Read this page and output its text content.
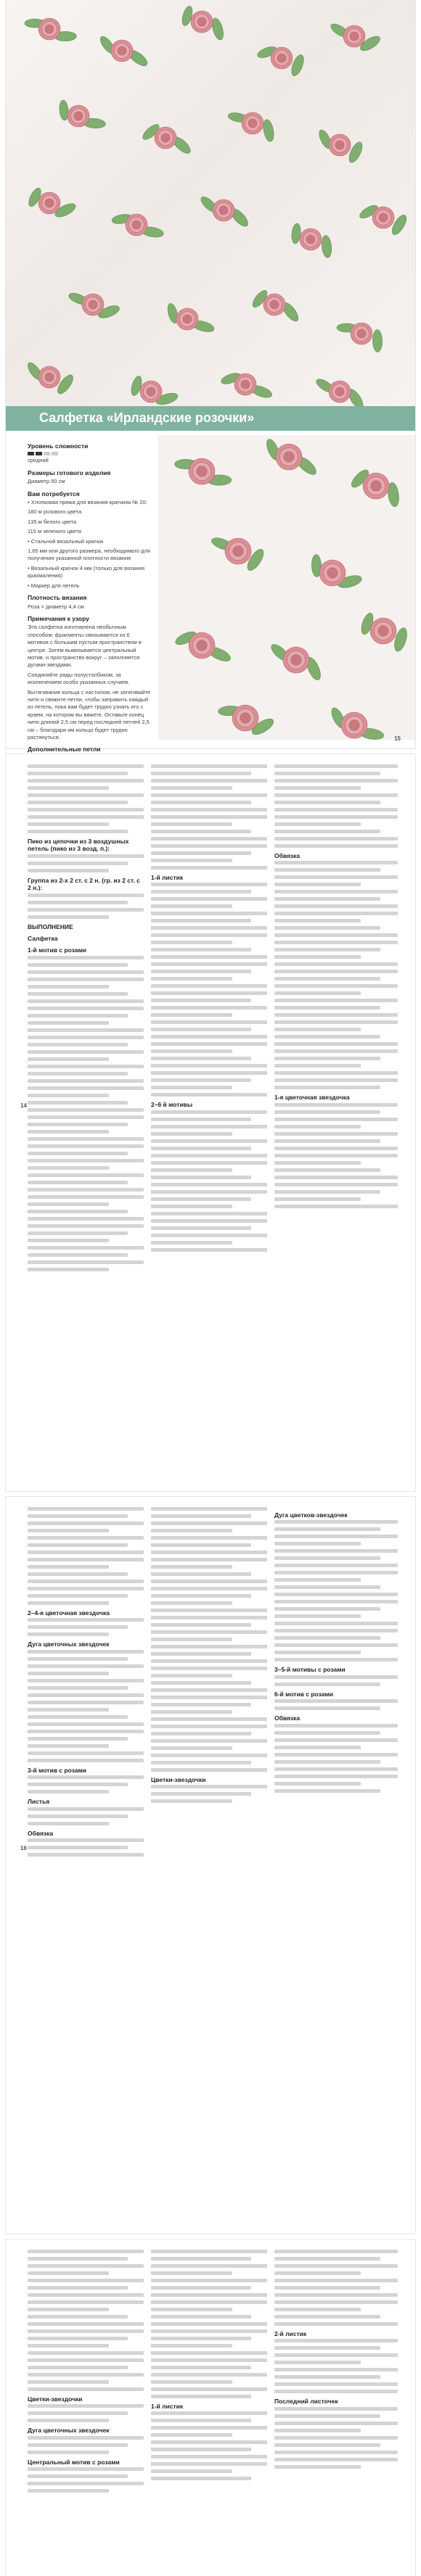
Салфетка «Ирландские розочки»
Уровень сложности

средний

Размеры готового изделия

Диаметр 50 см

Вам потребуется

• Хлопковая пряжа для вязания крючком № 20:

180 м розового цвета

135 м белого цвета

115 м зеленого цвета

• Стальной вязальный крючок

1,65 мм или другого размера, необходимого для получения указанной плотности вязания

• Вязальный крючок 4 мм (только для вязания крахмаления)

• Маркер для петель

Плотность вязания

Роза = диаметр 4,4 см

Примечания к узору

Эта салфетка изготовлена необычным способом: фрагменты связываются из 6 мотивов с большим пустым пространством в центре. Затем вывязывается центральный мотив, и пространство вокруг – заполняется дугами-звездами.

Соединяйте ряды полустолбиком, за исключением особо указанных случаев.

Вытягивание кольца с настилом, не затягивайте нити и свяжите петли, чтобы заправить каждый из петель, пока вам будет трудно узнать его с краем, на котором вы вяжете. Оставьте конец нити длиной 2,5 см перед последней петлей 2,5 см – благодаря им кольцо будет трудно растянуться.

Дополнительные петли

15
Пико из цепочки из 3 воздушных петель (пико из 3 возд. п.):
Группа из 2-х 2 ст. с 2 н. (гр. из 2 ст. с 2 н.):
ВЫПОЛНЕНИЕ
Салфетка
1-й мотив с розами
1-й листик
2–6 й мотивы
Обвязка
1-я цветочная звездочка
14
2–4-я цветочная звездочка
Дуга цветочных звездочек
3-й мотив с розами
Листья
Обвязка
Цветки-звездочки
Дуга цветков-звездочек
3–5-й мотивы с розами
6-й мотив с розами
Обвязка
16
Цветки-звездочки
Дуга цветочных звездочек
Центральный мотив с розами
1-й листик
2-й листик
Последний листочек
